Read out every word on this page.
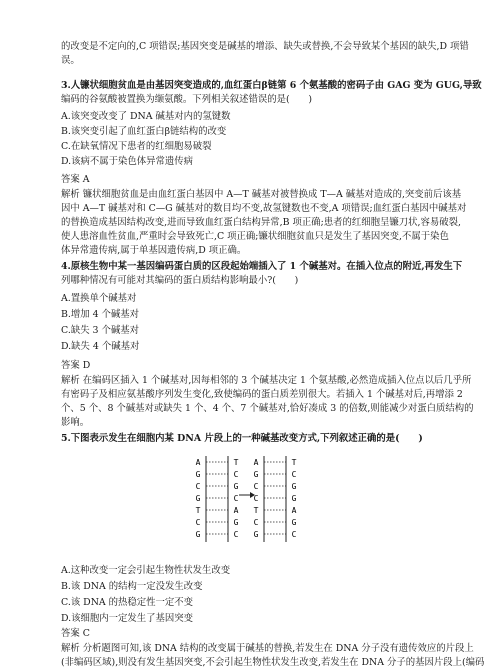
的改变是不定向的,C 项错误;基因突变是碱基的增添、缺失或替换,不会导致某个基因的缺失,D 项错
误。
3.人镰状细胞贫血是由基因突变造成的,血红蛋白β链第 6 个氨基酸的密码子由 GAG 变为 GUG,导致
编码的谷氨酸被置换为缬氨酸。下列相关叙述错误的是(　　)
A.该突变改变了 DNA 碱基对内的氢键数
B.该突变引起了血红蛋白β链结构的改变
C.在缺氧情况下患者的红细胞易破裂
D.该病不属于染色体异常遗传病
答案 A
解析 镰状细胞贫血是由血红蛋白基因中 A—T 碱基对被替换成 T—A 碱基对造成的,突变前后该基
因中 A—T 碱基对和 C—G 碱基对的数目均不变,故氢键数也不变,A 项错误;血红蛋白基因中碱基对
的替换造成基因结构改变,进而导致血红蛋白结构异常,B 项正确;患者的红细胞呈镰刀状,容易破裂,
使人患溶血性贫血,严重时会导致死亡,C 项正确;镰状细胞贫血只是发生了基因突变,不属于染色
体异常遗传病,属于单基因遗传病,D 项正确。
4.原核生物中某一基因编码蛋白质的区段起始端插入了 1 个碱基对。在插入位点的附近,再发生下
列哪种情况有可能对其编码的蛋白质结构影响最小?(　　)
A.置换单个碱基对
B.增加 4 个碱基对
C.缺失 3 个碱基对
D.缺失 4 个碱基对
答案 D
解析 在编码区插入 1 个碱基对,因每相邻的 3 个碱基决定 1 个氨基酸,必然造成插入位点以后几乎所
有密码子及相应氨基酸序列发生变化,致使编码的蛋白质差别很大。若插入 1 个碱基对后,再增添 2
个、5 个、8 个碱基对或缺失 1 个、4 个、7 个碱基对,恰好凑成 3 的倍数,则能减少对蛋白质结构的
影响。
5.下图表示发生在细胞内某 DNA 片段上的一种碱基改变方式,下列叙述正确的是(　　)
A	T
G	C
C	G
G	C
T	A
C	G
G	C
A	T
G	C
C	G
C	G
T	A
C	G
G	C
A.这种改变一定会引起生物性状发生改变
B.该 DNA 的结构一定没发生改变
C.该 DNA 的热稳定性一定不变
D.该细胞内一定发生了基因突变
答案 C
解析 分析题图可知,该 DNA 结构的改变属于碱基的替换,若发生在 DNA 分子没有遗传效应的片段上
(非编码区域),则没有发生基因突变,不会引起生物性状发生改变,若发生在 DNA 分子的基因片段上(编码
